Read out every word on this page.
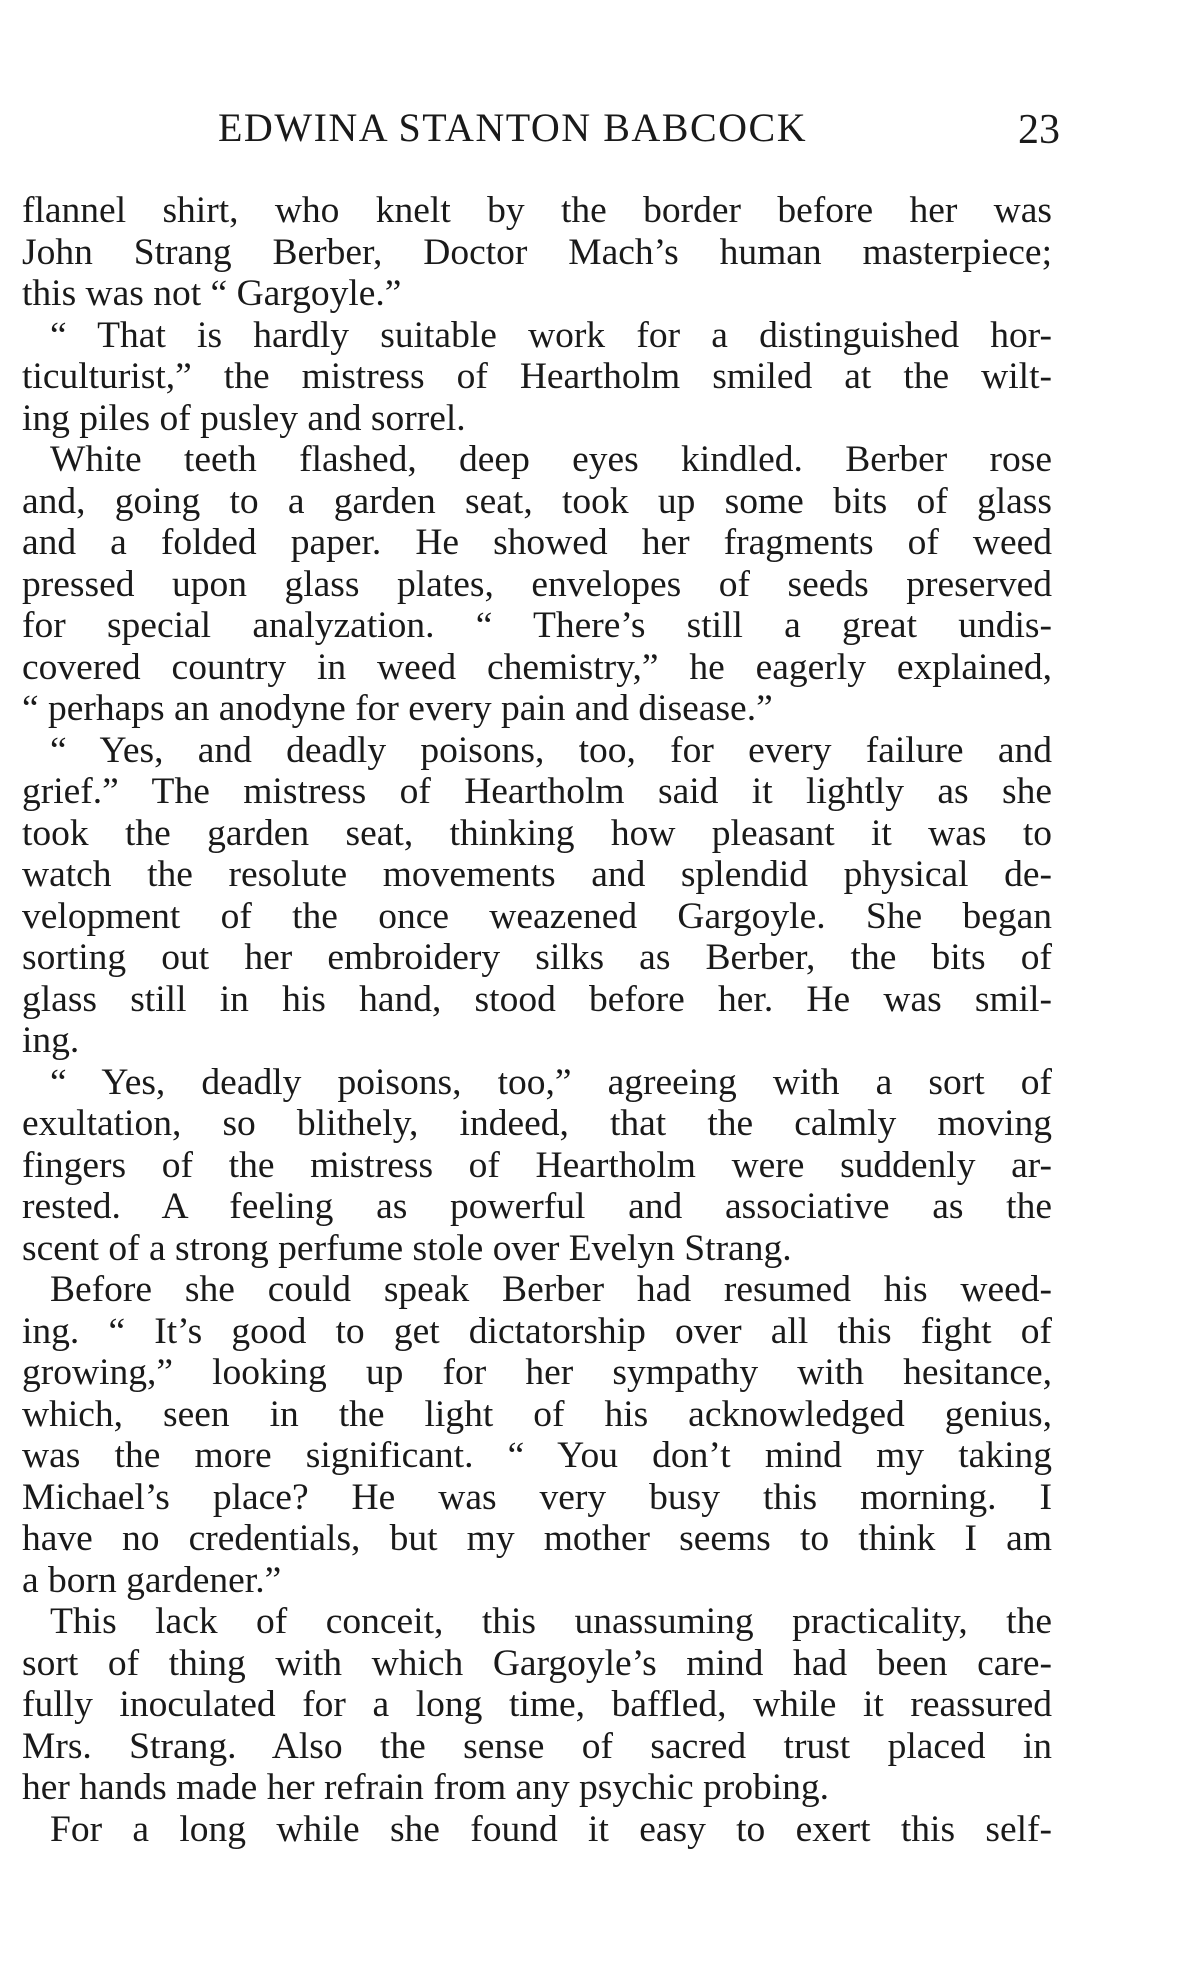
EDWINA STANTON BABCOCK	23
flannel shirt, who knelt by the border before her was
John Strang Berber, Doctor Mach’s human masterpiece;
this was not “ Gargoyle.”
“ That is hardly suitable work for a distinguished hor-
ticulturist,” the mistress of Heartholm smiled at the wilt-
ing piles of pusley and sorrel.
White teeth flashed, deep eyes kindled. Berber rose
and, going to a garden seat, took up some bits of glass
and a folded paper. He showed her fragments of weed
pressed upon glass plates, envelopes of seeds preserved
for special analyzation. “ There’s still a great undis-
covered country in weed chemistry,” he eagerly explained,
“ perhaps an anodyne for every pain and disease.”
“ Yes, and deadly poisons, too, for every failure and
grief.” The mistress of Heartholm said it lightly as she
took the garden seat, thinking how pleasant it was to
watch the resolute movements and splendid physical de-
velopment of the once weazened Gargoyle. She began
sorting out her embroidery silks as Berber, the bits of
glass still in his hand, stood before her. He was smil-
ing.
“ Yes, deadly poisons, too,” agreeing with a sort of
exultation, so blithely, indeed, that the calmly moving
fingers of the mistress of Heartholm were suddenly ar-
rested. A feeling as powerful and associative as the
scent of a strong perfume stole over Evelyn Strang.
Before she could speak Berber had resumed his weed-
ing. “ It’s good to get dictatorship over all this fight of
growing,” looking up for her sympathy with hesitance,
which, seen in the light of his acknowledged genius,
was the more significant. “ You don’t mind my taking
Michael’s place? He was very busy this morning. I
have no credentials, but my mother seems to think I am
a born gardener.”
This lack of conceit, this unassuming practicality, the
sort of thing with which Gargoyle’s mind had been care-
fully inoculated for a long time, baffled, while it reassured
Mrs. Strang. Also the sense of sacred trust placed in
her hands made her refrain from any psychic probing.
For a long while she found it easy to exert this self-
